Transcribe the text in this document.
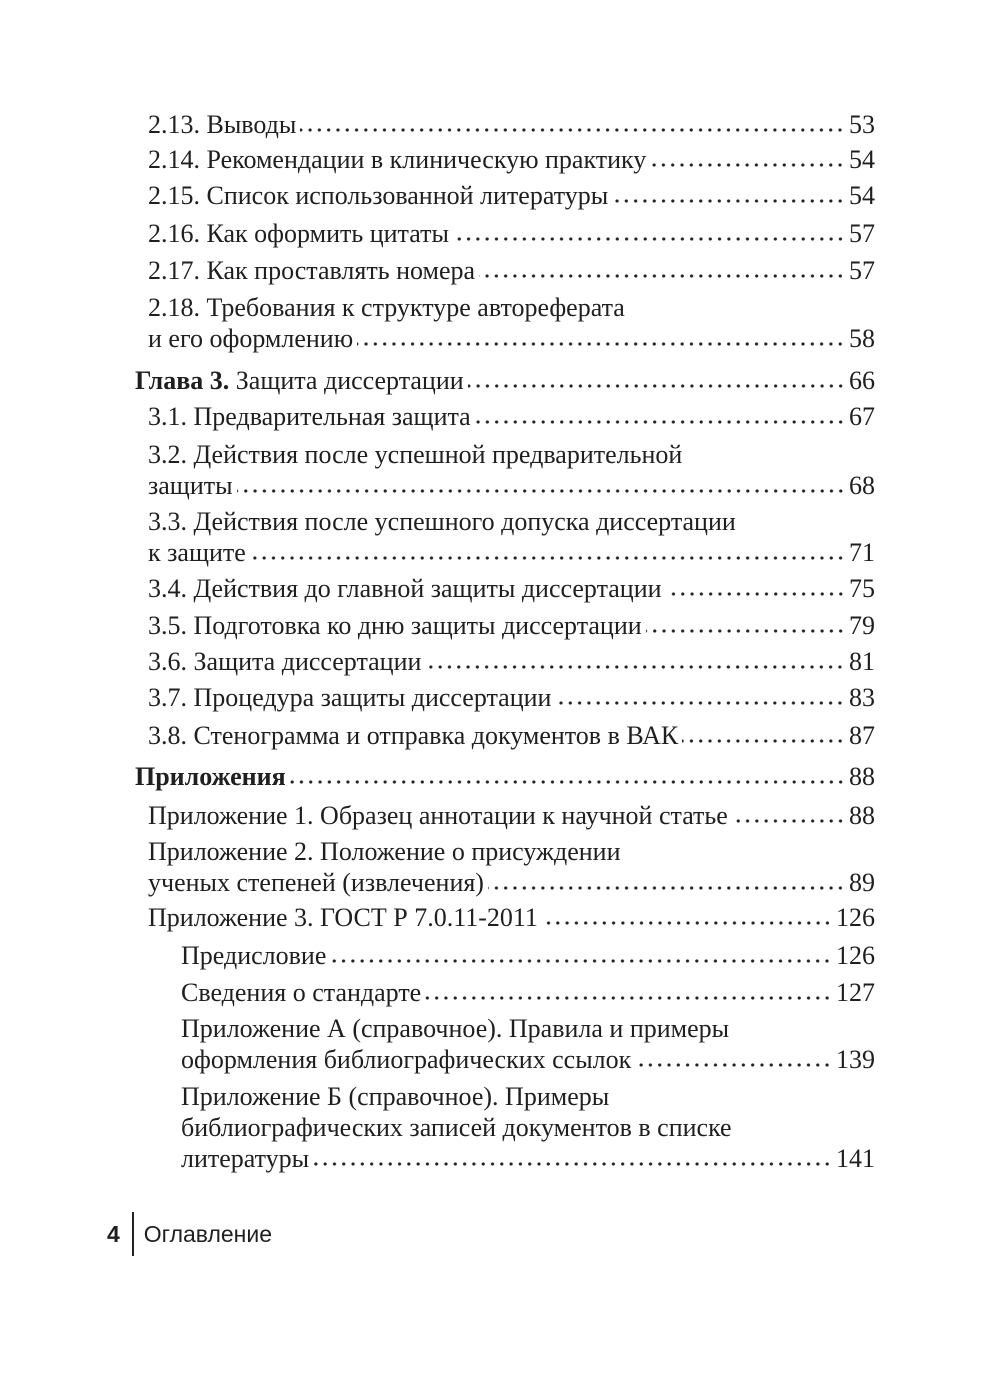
2.13. Выводы	53
2.14. Рекомендации в клиническую практику	54
2.15. Список использованной литературы	54
2.16. Как оформить цитаты	57
2.17. Как проставлять номера	57
2.18. Требования к структуре автореферата
и его оформлению	58
Глава 3. Защита диссертации	66
3.1. Предварительная защита	67
3.2. Действия после успешной предварительной
защиты	68
3.3. Действия после успешного допуска диссертации
к защите	71
3.4. Действия до главной защиты диссертации	75
3.5. Подготовка ко дню защиты диссертации	79
3.6. Защита диссертации	81
3.7. Процедура защиты диссертации	83
3.8. Стенограмма и отправка документов в ВАК	87
Приложения	88
Приложение 1. Образец аннотации к научной статье	88
Приложение 2. Положение о присуждении
ученых степеней (извлечения)	89
Приложение 3. ГОСТ Р 7.0.11-2011	126
Предисловие	126
Сведения о стандарте	127
Приложение А (справочное). Правила и примеры
оформления библиографических ссылок	139
Приложение Б (справочное). Примеры
библиографических записей документов в списке
литературы	141
4 Оглавление
